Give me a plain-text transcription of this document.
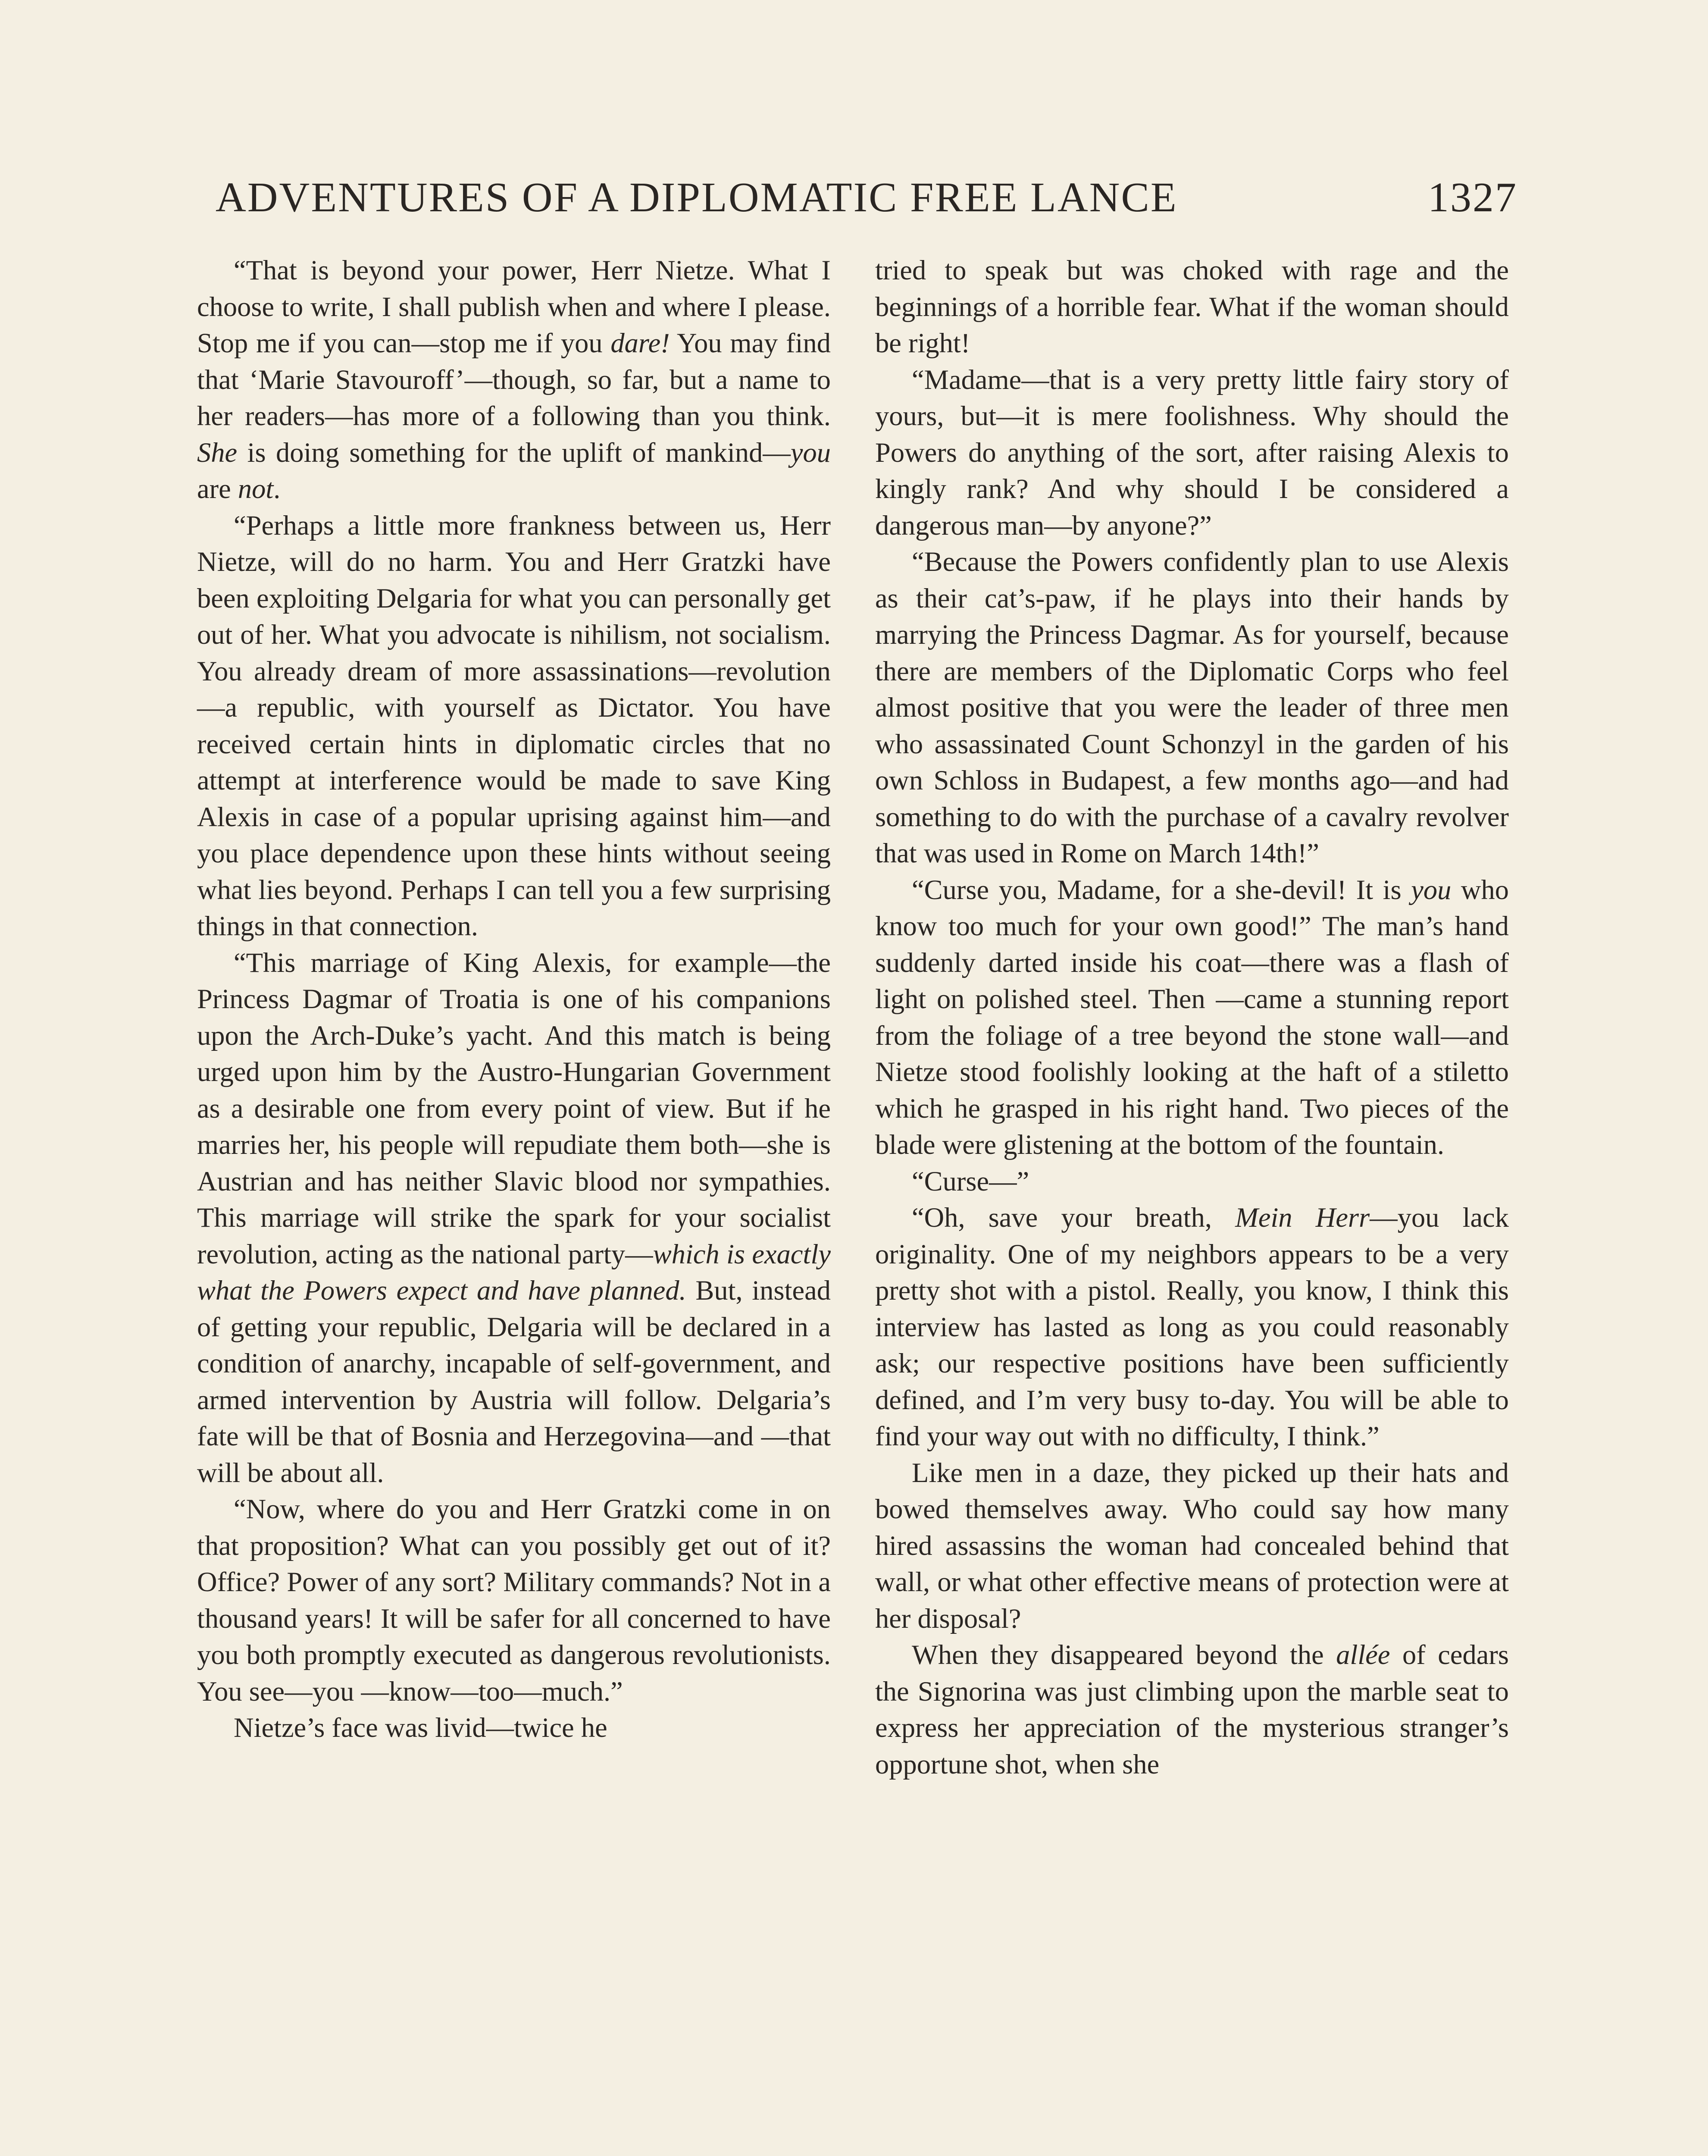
ADVENTURES OF A DIPLOMATIC FREE LANCE	1327

“That is beyond your power, Herr Nietze. What I choose to write, I shall publish when and where I please. Stop me if you can—stop me if you dare! You may find that ‘Marie Stavouroff’—though, so far, but a name to her readers—has more of a following than you think. She is doing something for the uplift of mankind—you are not.

“Perhaps a little more frankness between us, Herr Nietze, will do no harm. You and Herr Gratzki have been exploiting Delgaria for what you can personally get out of her. What you advocate is nihilism, not socialism. You already dream of more assassinations—revolution—a republic, with yourself as Dictator. You have received certain hints in diplomatic circles that no attempt at interference would be made to save King Alexis in case of a popular uprising against him—and you place dependence upon these hints without seeing what lies beyond. Perhaps I can tell you a few surprising things in that connection.

“This marriage of King Alexis, for example—the Princess Dagmar of Troatia is one of his companions upon the Arch-Duke’s yacht. And this match is being urged upon him by the Austro-Hungarian Government as a desirable one from every point of view. But if he marries her, his people will repudiate them both—she is Austrian and has neither Slavic blood nor sympathies. This marriage will strike the spark for your socialist revolution, acting as the national party—which is exactly what the Powers expect and have planned. But, instead of getting your republic, Delgaria will be declared in a condition of anarchy, incapable of self-government, and armed intervention by Austria will follow. Delgaria’s fate will be that of Bosnia and Herzegovina—and —that will be about all.

“Now, where do you and Herr Gratzki come in on that proposition? What can you possibly get out of it? Office? Power of any sort? Military commands? Not in a thousand years! It will be safer for all concerned to have you both promptly executed as dangerous revolutionists. You see—you —know—too—much.”

Nietze’s face was livid—twice he

tried to speak but was choked with rage and the beginnings of a horrible fear. What if the woman should be right!

“Madame—that is a very pretty little fairy story of yours, but—it is mere foolishness. Why should the Powers do anything of the sort, after raising Alexis to kingly rank? And why should I be considered a dangerous man—by anyone?”

“Because the Powers confidently plan to use Alexis as their cat’s-paw, if he plays into their hands by marrying the Princess Dagmar. As for yourself, because there are members of the Diplomatic Corps who feel almost positive that you were the leader of three men who assassinated Count Schonzyl in the garden of his own Schloss in Budapest, a few months ago—and had something to do with the purchase of a cavalry revolver that was used in Rome on March 14th!”

“Curse you, Madame, for a she-devil! It is you who know too much for your own good!” The man’s hand suddenly darted inside his coat—there was a flash of light on polished steel. Then —came a stunning report from the foliage of a tree beyond the stone wall—and Nietze stood foolishly looking at the haft of a stiletto which he grasped in his right hand. Two pieces of the blade were glistening at the bottom of the fountain.

“Curse—”

“Oh, save your breath, Mein Herr—you lack originality. One of my neighbors appears to be a very pretty shot with a pistol. Really, you know, I think this interview has lasted as long as you could reasonably ask; our respective positions have been sufficiently defined, and I’m very busy to-day. You will be able to find your way out with no difficulty, I think.”

Like men in a daze, they picked up their hats and bowed themselves away. Who could say how many hired assassins the woman had concealed behind that wall, or what other effective means of protection were at her disposal?

When they disappeared beyond the allée of cedars the Signorina was just climbing upon the marble seat to express her appreciation of the mysterious stranger’s opportune shot, when she
